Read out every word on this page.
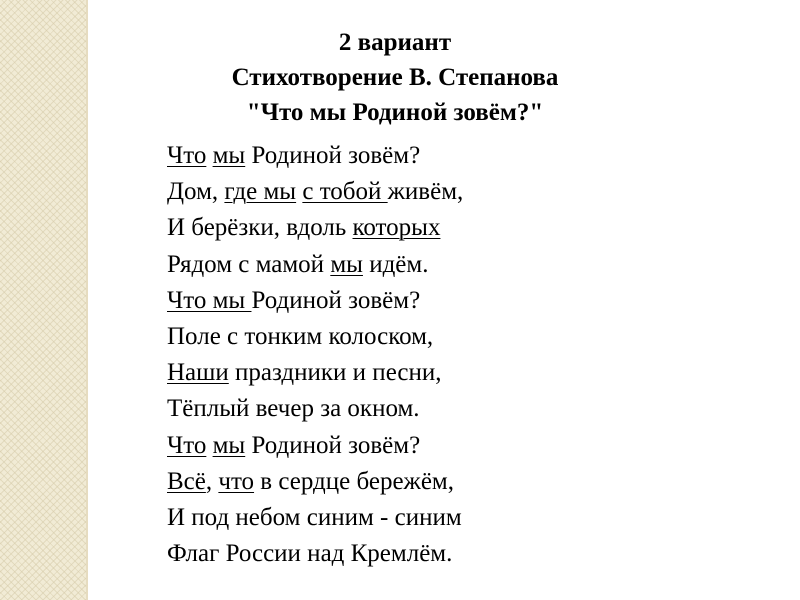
2 вариант
Стихотворение В. Степанова
"Что мы Родиной зовём?"
Что мы Родиной зовём?
Дом, где мы с тобой живём,
И берёзки, вдоль которых
Рядом с мамой мы идём.
Что мы Родиной зовём?
Поле с тонким колоском,
Наши праздники и песни,
Тёплый вечер за окном.
Что мы Родиной зовём?
Всё, что в сердце бережём,
И под небом синим - синим
Флаг России над Кремлём.
